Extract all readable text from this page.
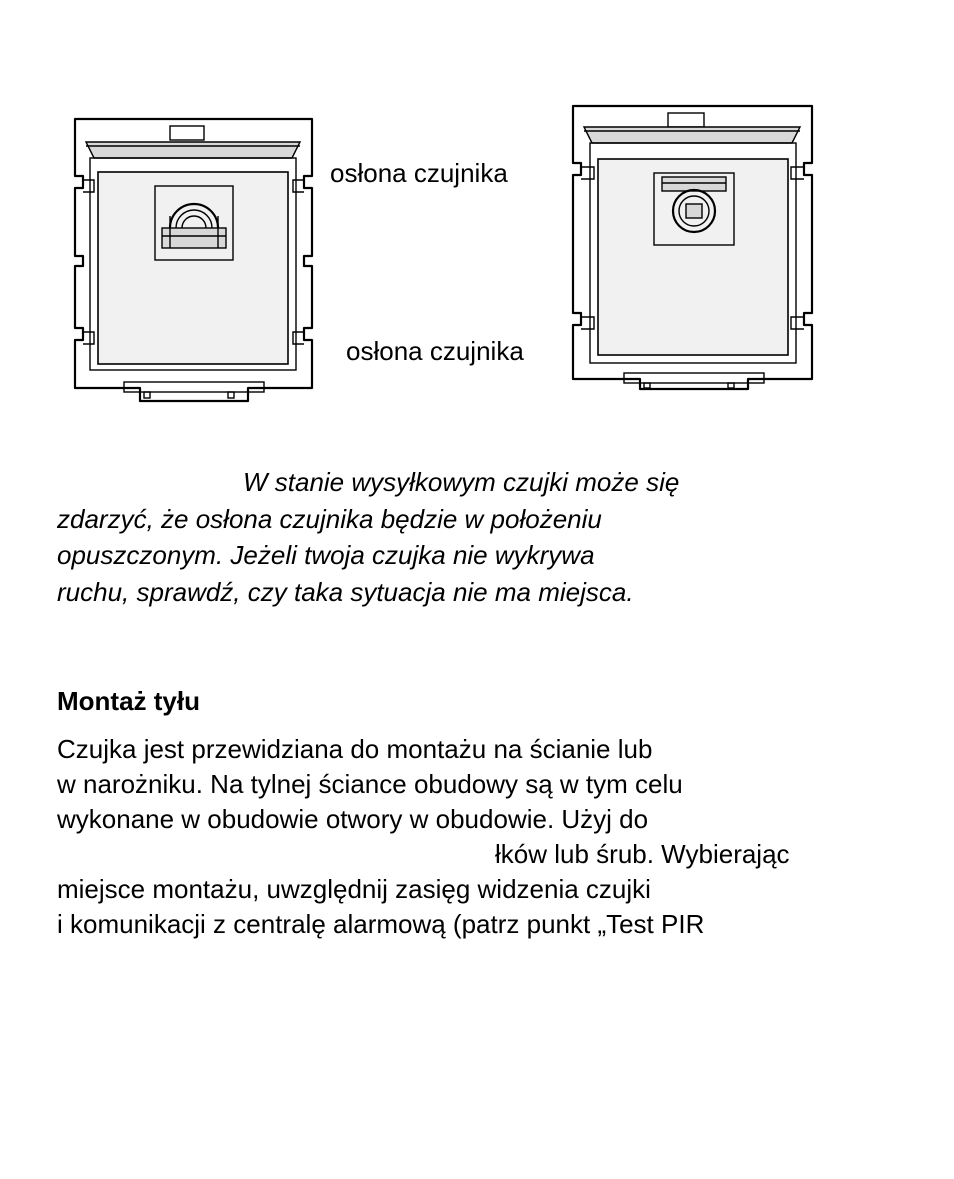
osłona czujnika
osłona czujnika

W stanie wysyłkowym czujki może się
zdarzyć, że osłona czujnika będzie w położeniu
opuszczonym. Jeżeli twoja czujka nie wykrywa
ruchu, sprawdź, czy taka sytuacja nie ma miejsca.

Montaż tyłu

Czujka jest przewidziana do montażu na ścianie lub
w narożniku. Na tylnej ściance obudowy są w tym celu
wykonane w obudowie otwory w obudowie. Użyj do
łków lub śrub. Wybierając
miejsce montażu, uwzględnij zasięg widzenia czujki
i komunikacji z centralę alarmową (patrz punkt „Test PIR
